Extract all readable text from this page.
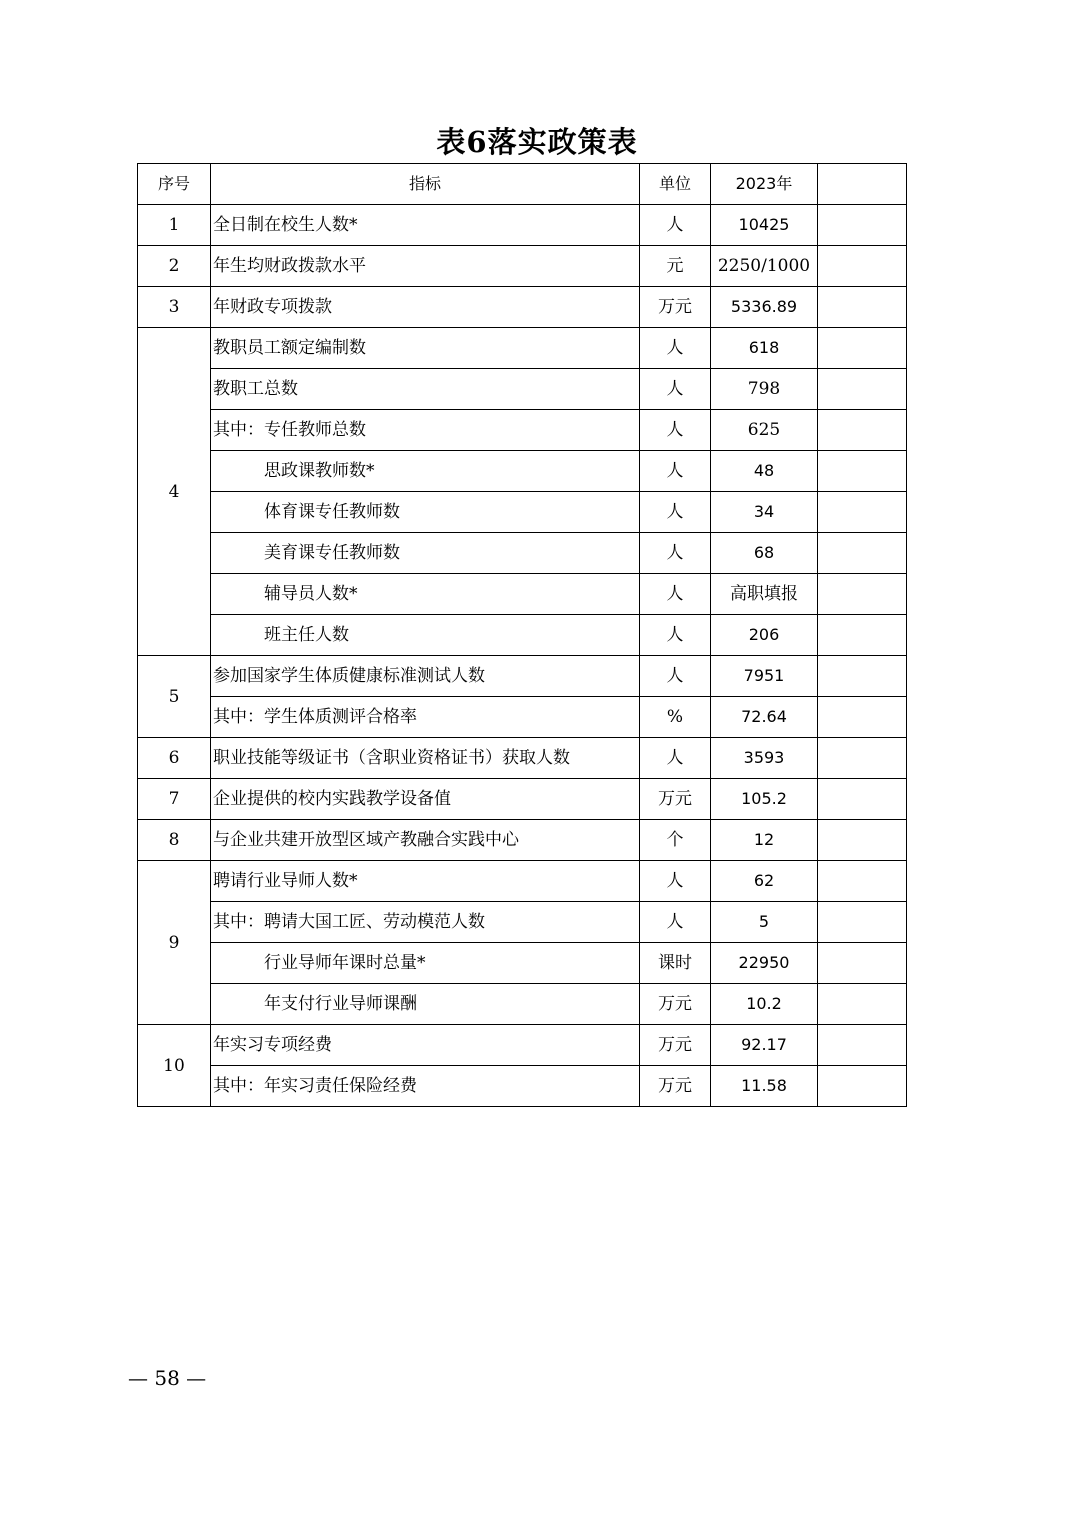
表6落实政策表
序号	指标	单位	2023年	
1	全日制在校生人数*	人	10425	
2	年生均财政拨款水平	元	2250/1000	
3	年财政专项拨款	万元	5336.89	
4	教职员工额定编制数	人	618	
	教职工总数	人	798	
	其中：专任教师总数	人	625	
	思政课教师数*	人	48	
	体育课专任教师数	人	34	
	美育课专任教师数	人	68	
	辅导员人数*	人	高职填报	
	班主任人数	人	206	
5	参加国家学生体质健康标准测试人数	人	7951	
	其中：学生体质测评合格率	%	72.64	
6	职业技能等级证书（含职业资格证书）获取人数	人	3593	
7	企业提供的校内实践教学设备值	万元	105.2	
8	与企业共建开放型区域产教融合实践中心	个	12	
9	聘请行业导师人数*	人	62	
	其中：聘请大国工匠、劳动模范人数	人	5	
	行业导师年课时总量*	课时	22950	
	年支付行业导师课酬	万元	10.2	
10	年实习专项经费	万元	92.17	
	其中：年实习责任保险经费	万元	11.58	
— 58 —
